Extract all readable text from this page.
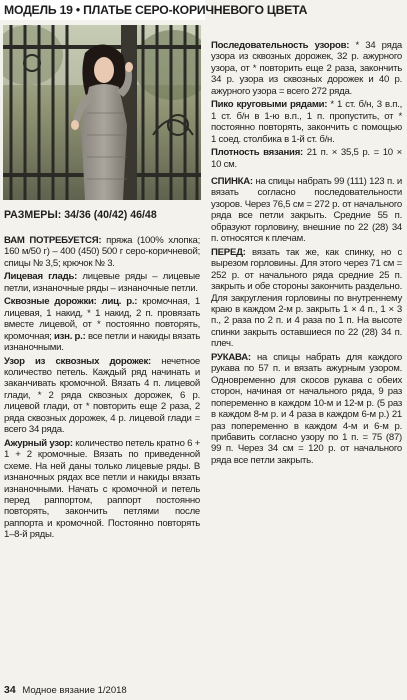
МОДЕЛЬ 19 • ПЛАТЬЕ СЕРО-КОРИЧНЕВОГО ЦВЕТА
РАЗМЕРЫ: 34/36 (40/42) 46/48

ВАМ ПОТРЕБУЕТСЯ: пряжа (100% хлопка; 160 м/50 г) – 400 (450) 500 г серо-коричневой; спицы № 3,5; крючок № 3.

Лицевая гладь: лицевые ряды – лицевые петли, изнаночные ряды – изнаночные петли.

Сквозные дорожки: лиц. р.: кромочная, 1 лицевая, 1 накид, * 1 накид, 2 п. провязать вместе лицевой, от * постоянно повторять, кромочная; изн. р.: все петли и накиды вязать изнаночными.

Узор из сквозных дорожек: нечетное количество петель. Каждый ряд начинать и заканчивать кромочной. Вязать 4 п. лицевой глади, * 2 ряда сквозных дорожек, 6 р. лицевой глади, от * повторить еще 2 раза, 2 ряда сквозных дорожек, 4 р. лицевой глади = всего 34 ряда.

Ажурный узор: количество петель кратно 6 + 1 + 2 кромочные. Вязать по приведенной схеме. На ней даны только лицевые ряды. В изнаночных рядах все петли и накиды вязать изнаночными. Начать с кромочной и петель перед раппортом, раппорт постоянно повторять, закончить петлями после раппорта и кромочной. Постоянно повторять 1–8-й ряды.

Последовательность узоров: * 34 ряда узора из сквозных дорожек, 32 р. ажурного узора, от * повторить еще 2 раза, закончить 34 р. узора из сквозных дорожек и 40 р. ажурного узора = всего 272 ряда.

Пико круговыми рядами: * 1 ст. б/н, 3 в.п., 1 ст. б/н в 1-ю в.п., 1 п. пропустить, от * постоянно повторять, закончить с помощью 1 соед. столбика в 1-й ст. б/н.

Плотность вязания: 21 п. × 35,5 р. = 10 × 10 см.

СПИНКА: на спицы набрать 99 (111) 123 п. и вязать согласно последовательности узоров. Через 76,5 см = 272 р. от начального ряда все петли закрыть. Средние 55 п. образуют горловину, внешние по 22 (28) 34 п. относятся к плечам.

ПЕРЕД: вязать так же, как спинку, но с вырезом горловины. Для этого через 71 см = 252 р. от начального ряда средние 25 п. закрыть и обе стороны закончить раздельно. Для закругления горловины по внутреннему краю в каждом 2-м р. закрыть 1 × 4 п., 1 × 3 п., 2 раза по 2 п. и 4 раза по 1 п. На высоте спинки закрыть оставшиеся по 22 (28) 34 п. плеч.

РУКАВА: на спицы набрать для каждого рукава по 57 п. и вязать ажурным узором. Одновременно для скосов рукава с обеих сторон, начиная от начального ряда, 9 раз попеременно в каждом 10-м и 12-м р. (5 раз в каждом 8-м р. и 4 раза в каждом 6-м р.) 21 раз попеременно в каждом 4-м и 6-м р. прибавить согласно узору по 1 п. = 75 (87) 99 п. Через 34 см = 120 р. от начального ряда все петли закрыть.

34 Модное вязание 1/2018
